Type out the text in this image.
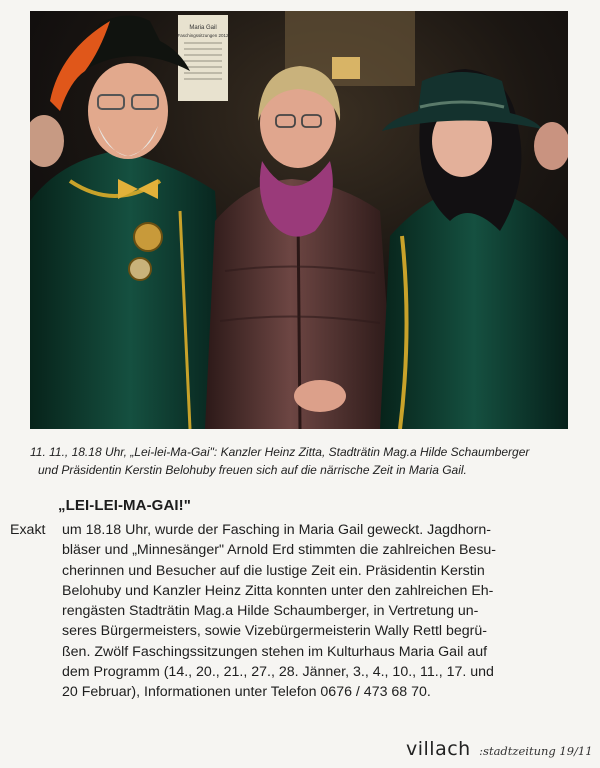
Maria Gail
Faschingssitzungen 2012
11. 11., 18.18 Uhr, „Lei-lei-Ma-Gai": Kanzler Heinz Zitta, Stadträtin Mag.a Hilde Schaumberger
und Präsidentin Kerstin Belohuby freuen sich auf die närrische Zeit in Maria Gail.
„LEI-LEI-MA-GAI!"
Exakt um 18.18 Uhr, wurde der Fasching in Maria Gail geweckt. Jagdhorn-
bläser und „Minnesänger" Arnold Erd stimmten die zahlreichen Besu-
cherinnen und Besucher auf die lustige Zeit ein. Präsidentin Kerstin
Belohuby und Kanzler Heinz Zitta konnten unter den zahlreichen Eh-
rengästen Stadträtin Mag.a Hilde Schaumberger, in Vertretung un-
seres Bürgermeisters, sowie Vizebürgermeisterin Wally Rettl begrü-
ßen. Zwölf Faschingssitzungen stehen im Kulturhaus Maria Gail auf
dem Programm (14., 20., 21., 27., 28. Jänner, 3., 4., 10., 11., 17. und
20 Februar), Informationen unter Telefon 0676 / 473 68 70.
villach :stadtzeitung 19/11
